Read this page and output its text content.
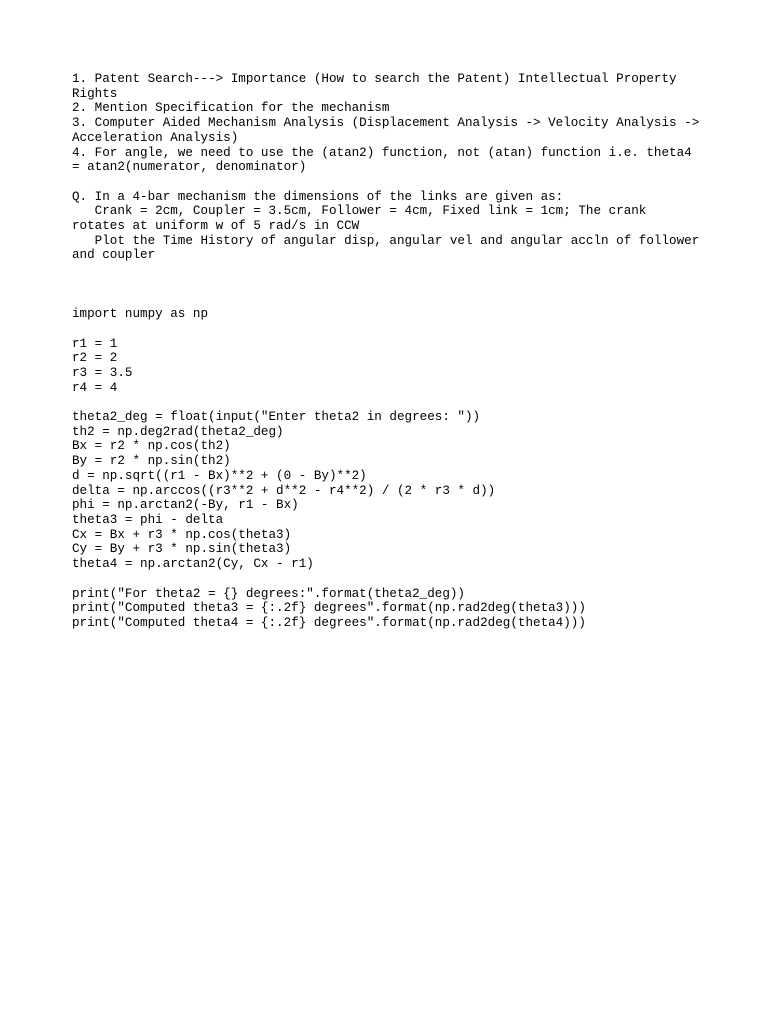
1. Patent Search---> Importance (How to search the Patent) Intellectual Property
Rights
2. Mention Specification for the mechanism
3. Computer Aided Mechanism Analysis (Displacement Analysis -> Velocity Analysis ->
Acceleration Analysis)
4. For angle, we need to use the (atan2) function, not (atan) function i.e. theta4
= atan2(numerator, denominator)
Q. In a 4-bar mechanism the dimensions of the links are given as:
Crank = 2cm, Coupler = 3.5cm, Follower = 4cm, Fixed link = 1cm; The crank
rotates at uniform w of 5 rad/s in CCW
Plot the Time History of angular disp, angular vel and angular accln of follower
and coupler
import numpy as np
r1 = 1
r2 = 2
r3 = 3.5
r4 = 4
theta2_deg = float(input("Enter theta2 in degrees: "))
th2 = np.deg2rad(theta2_deg)
Bx = r2 * np.cos(th2)
By = r2 * np.sin(th2)
d = np.sqrt((r1 - Bx)**2 + (0 - By)**2)
delta = np.arccos((r3**2 + d**2 - r4**2) / (2 * r3 * d))
phi = np.arctan2(-By, r1 - Bx)
theta3 = phi - delta
Cx = Bx + r3 * np.cos(theta3)
Cy = By + r3 * np.sin(theta3)
theta4 = np.arctan2(Cy, Cx - r1)
print("For theta2 = {} degrees:".format(theta2_deg))
print("Computed theta3 = {:.2f} degrees".format(np.rad2deg(theta3)))
print("Computed theta4 = {:.2f} degrees".format(np.rad2deg(theta4)))
